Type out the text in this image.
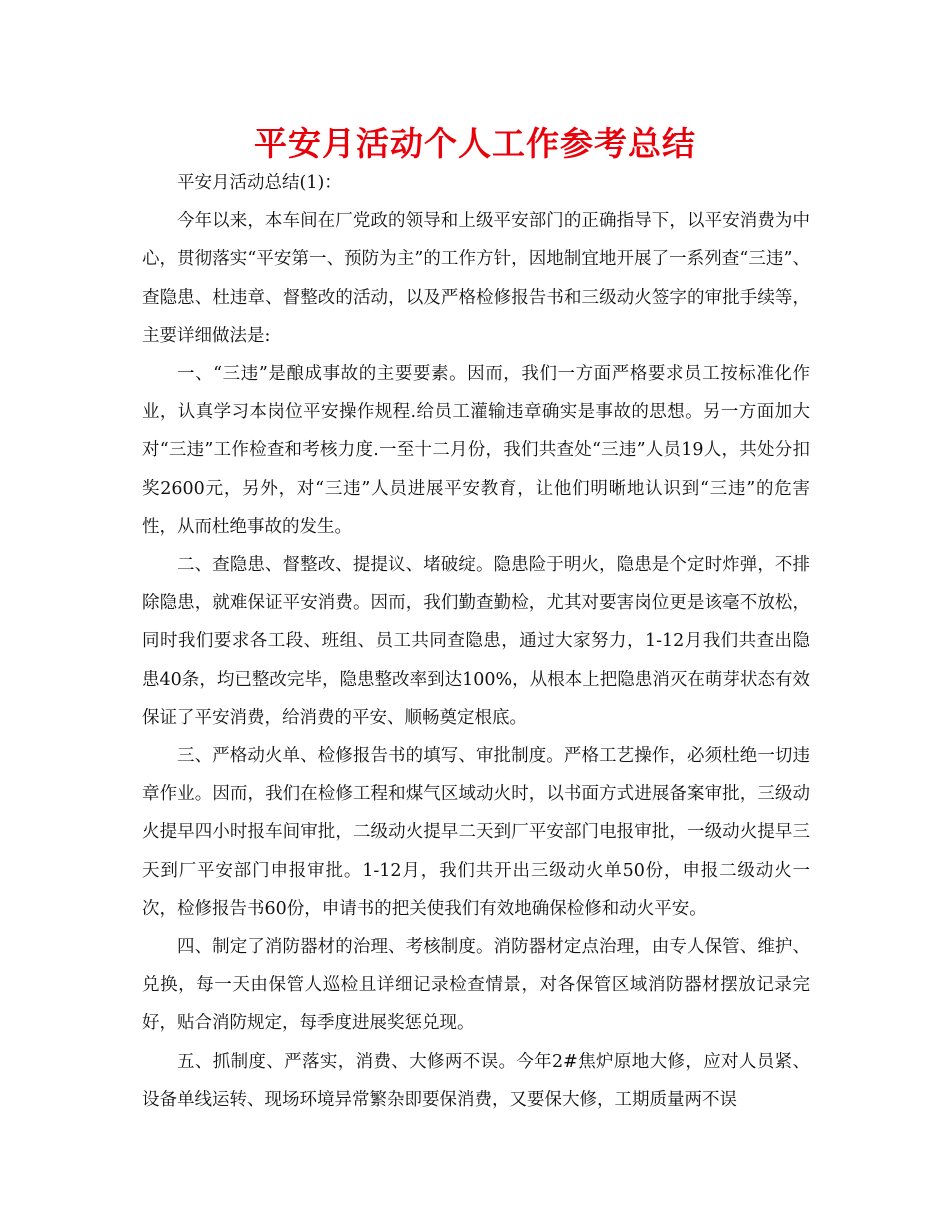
平安月活动个人工作参考总结

平安月活动总结(1)：

今年以来，本车间在厂党政的领导和上级平安部门的正确指导下，以平安消费为中心，贯彻落实“平安第一、预防为主”的工作方针，因地制宜地开展了一系列查“三违”、查隐患、杜违章、督整改的活动，以及严格检修报告书和三级动火签字的审批手续等，主要详细做法是:

一、“三违”是酿成事故的主要要素。因而，我们一方面严格要求员工按标准化作业，认真学习本岗位平安操作规程.给员工灌输违章确实是事故的思想。另一方面加大对“三违”工作检查和考核力度.一至十二月份，我们共查处“三违”人员19人，共处分扣奖2600元，另外，对“三违”人员进展平安教育，让他们明晰地认识到“三违”的危害性，从而杜绝事故的发生。

二、查隐患、督整改、提提议、堵破绽。隐患险于明火，隐患是个定时炸弹，不排除隐患，就难保证平安消费。因而，我们勤查勤检，尤其对要害岗位更是该毫不放松，同时我们要求各工段、班组、员工共同查隐患，通过大家努力，1-12月我们共查出隐患40条，均已整改完毕，隐患整改率到达100%，从根本上把隐患消灭在萌芽状态有效保证了平安消费，给消费的平安、顺畅奠定根底。

三、严格动火单、检修报告书的填写、审批制度。严格工艺操作，必须杜绝一切违章作业。因而，我们在检修工程和煤气区域动火时，以书面方式进展备案审批，三级动火提早四小时报车间审批，二级动火提早二天到厂平安部门电报审批，一级动火提早三天到厂平安部门申报审批。1-12月，我们共开出三级动火单50份，申报二级动火一次，检修报告书60份，申请书的把关使我们有效地确保检修和动火平安。

四、制定了消防器材的治理、考核制度。消防器材定点治理，由专人保管、维护、兑换，每一天由保管人巡检且详细记录检查情景，对各保管区域消防器材摆放记录完好，贴合消防规定，每季度进展奖惩兑现。

五、抓制度、严落实，消费、大修两不误。今年2#焦炉原地大修，应对人员紧、设备单线运转、现场环境异常繁杂即要保消费，又要保大修，工期质量两不误
